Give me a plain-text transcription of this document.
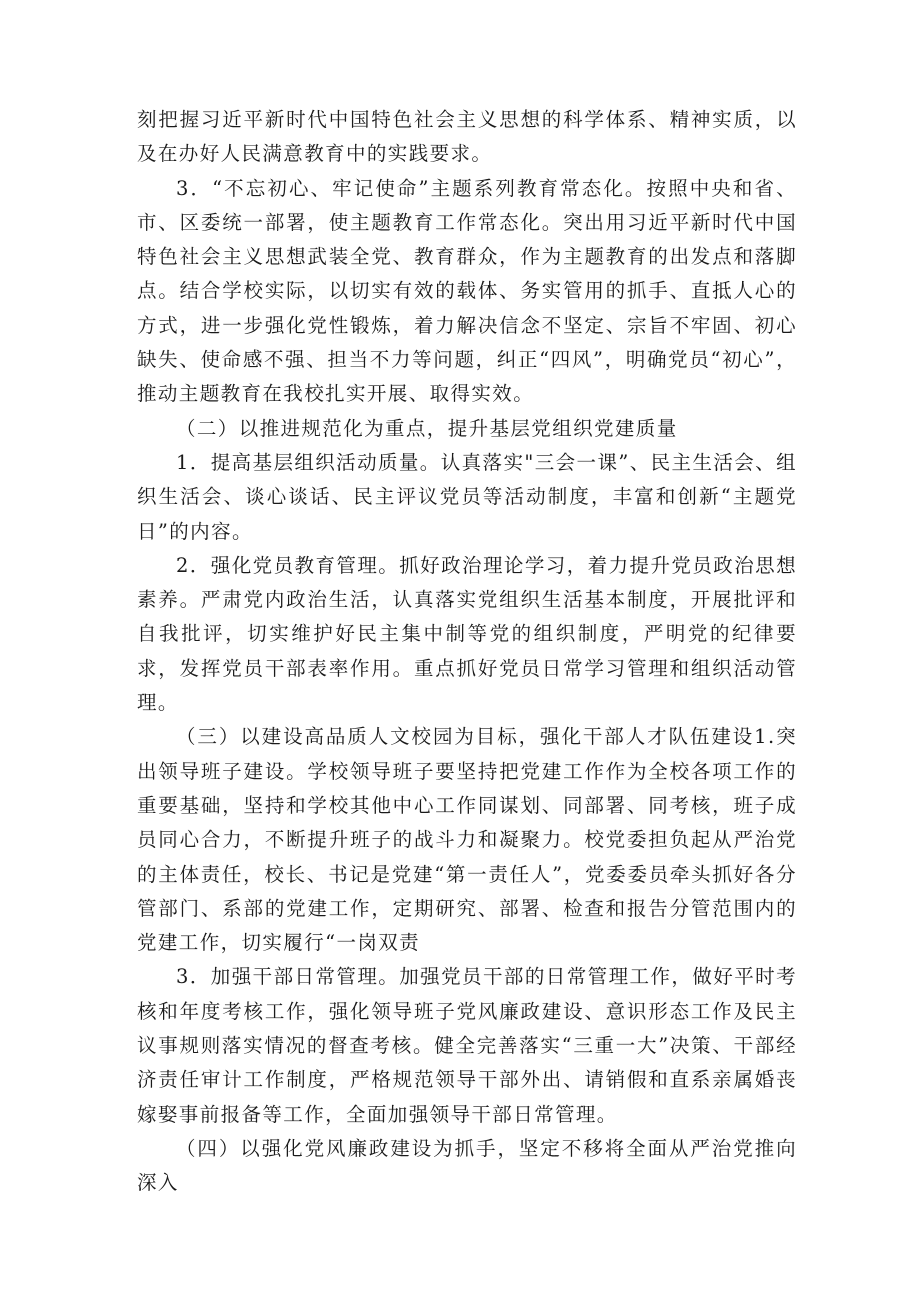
刻把握习近平新时代中国特色社会主义思想的科学体系、精神实质，以及在办好人民满意教育中的实践要求。

3．“不忘初心、牢记使命”主题系列教育常态化。按照中央和省、市、区委统一部署，使主题教育工作常态化。突出用习近平新时代中国特色社会主义思想武装全党、教育群众，作为主题教育的出发点和落脚点。结合学校实际，以切实有效的载体、务实管用的抓手、直抵人心的方式，进一步强化党性锻炼，着力解决信念不坚定、宗旨不牢固、初心缺失、使命感不强、担当不力等问题，纠正“四风”，明确党员“初心”，推动主题教育在我校扎实开展、取得实效。

（二）以推进规范化为重点，提升基层党组织党建质量

1．提高基层组织活动质量。认真落实"三会一课”、民主生活会、组织生活会、谈心谈话、民主评议党员等活动制度，丰富和创新“主题党日”的内容。

2．强化党员教育管理。抓好政治理论学习，着力提升党员政治思想素养。严肃党内政治生活，认真落实党组织生活基本制度，开展批评和自我批评，切实维护好民主集中制等党的组织制度，严明党的纪律要求，发挥党员干部表率作用。重点抓好党员日常学习管理和组织活动管理。

（三）以建设高品质人文校园为目标，强化干部人才队伍建设1.突出领导班子建设。学校领导班子要坚持把党建工作作为全校各项工作的重要基础，坚持和学校其他中心工作同谋划、同部署、同考核，班子成员同心合力，不断提升班子的战斗力和凝聚力。校党委担负起从严治党的主体责任，校长、书记是党建“第一责任人”，党委委员牵头抓好各分管部门、系部的党建工作，定期研究、部署、检查和报告分管范围内的党建工作，切实履行“一岗双责

3．加强干部日常管理。加强党员干部的日常管理工作，做好平时考核和年度考核工作，强化领导班子党风廉政建设、意识形态工作及民主议事规则落实情况的督查考核。健全完善落实“三重一大”决策、干部经济责任审计工作制度，严格规范领导干部外出、请销假和直系亲属婚丧嫁娶事前报备等工作，全面加强领导干部日常管理。

（四）以强化党风廉政建设为抓手，坚定不移将全面从严治党推向深入
